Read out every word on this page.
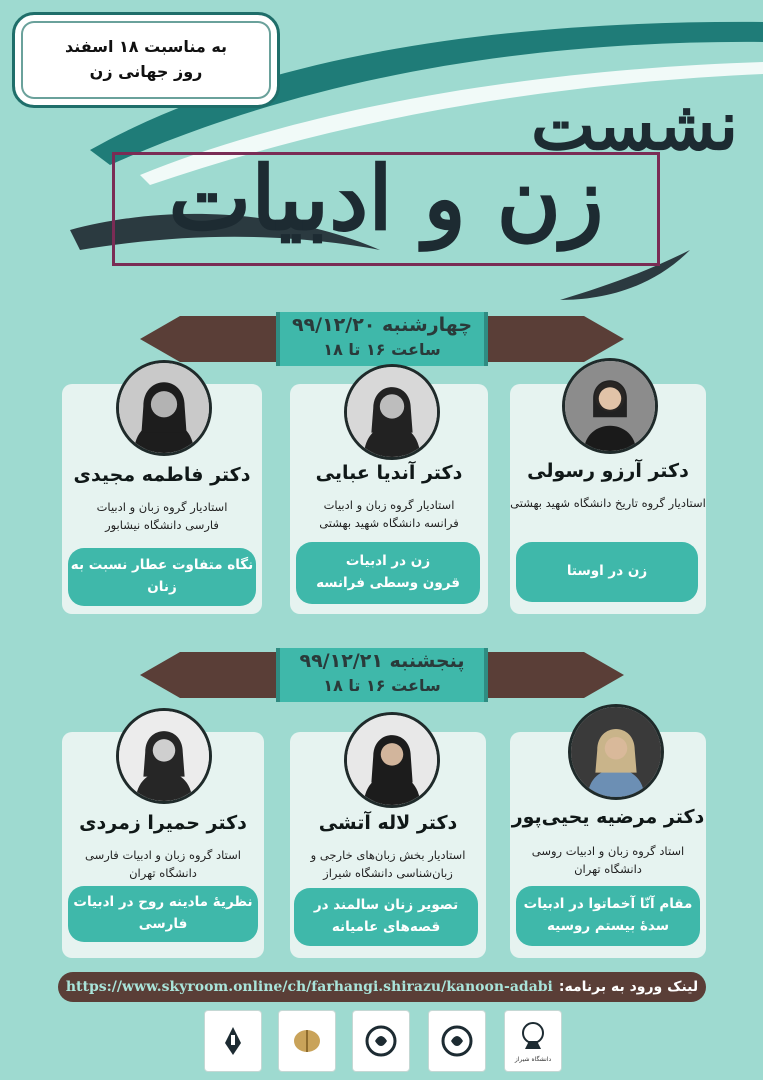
به مناسبت ۱۸ اسفند
روز جهانی زن
نشست
زن و ادبیات
چهارشنبه ۹۹/۱۲/۲۰
ساعت ۱۶ تا ۱۸
دکتر آرزو رسولی
استادیار گروه تاریخ دانشگاه شهید بهشتی
زن در اوستا
دکتر آندیا عبایی
استادیار گروه زبان و ادبیات
فرانسه دانشگاه شهید بهشتی
زن در ادبیات
قرون وسطی فرانسه
دکتر فاطمه مجیدی
استادیار گروه زبان و ادبیات
فارسی دانشگاه نیشابور
نگاه متفاوت عطار نسبت به زنان
پنجشنبه ۹۹/۱۲/۲۱
ساعت ۱۶ تا ۱۸
دکتر مرضیه یحیی‌پور
استاد گروه زبان و ادبیات روسی
دانشگاه تهران
مقام آنّا آخماتوا در ادبیات
سدهٔ بیستم روسیه
دکتر لاله آتشی
استادیار بخش زبان‌های خارجی و
زبان‌شناسی دانشگاه شیراز
تصویر زنان سالمند در
قصه‌های عامیانه
دکتر حمیرا زمردی
استاد گروه زبان و ادبیات فارسی
دانشگاه تهران
نظریهٔ مادینه روح در ادبیات فارسی
لینک ورود به برنامه:
https://www.skyroom.online/ch/farhangi.shirazu/kanoon-adabi
دانشگاه شیراز
